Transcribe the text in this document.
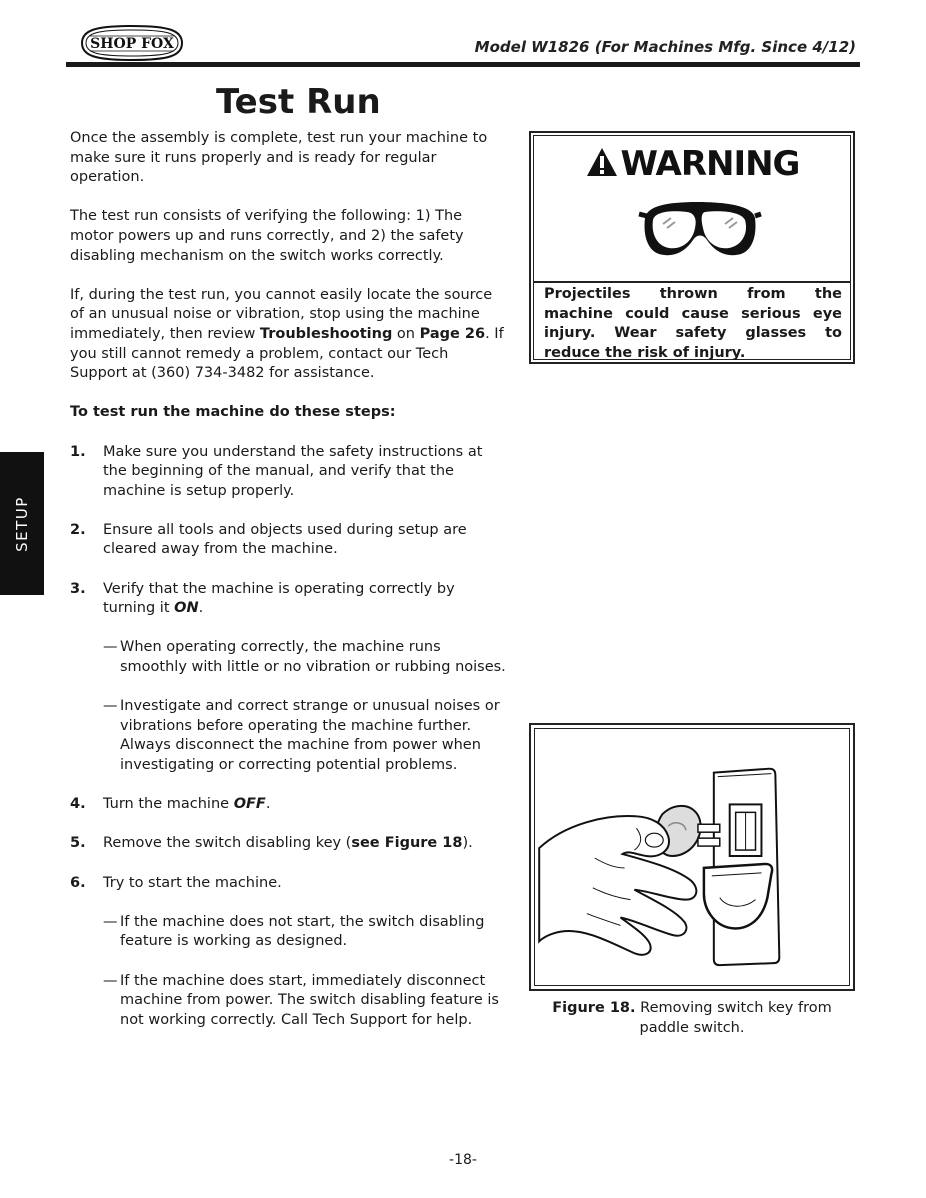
SHOP FOX	Model W1826 (For Machines Mfg. Since 4/12)
Test Run

Once the assembly is complete, test run your machine to make sure it runs properly and is ready for regular operation.

The test run consists of verifying the following: 1) The motor powers up and runs correctly, and 2) the safety disabling mechanism on the switch works correctly.

If, during the test run, you cannot easily locate the source of an unusual noise or vibration, stop using the machine immediately, then review Troubleshooting on Page 26. If you still cannot remedy a problem, contact our Tech Support at (360) 734-3482 for assistance.

To test run the machine do these steps:

1. Make sure you understand the safety instructions at the beginning of the manual, and verify that the machine is setup properly.
2. Ensure all tools and objects used during setup are cleared away from the machine.
3. Verify that the machine is operating correctly by turning it ON.
— When operating correctly, the machine runs smoothly with little or no vibration or rubbing noises.
— Investigate and correct strange or unusual noises or vibrations before operating the machine further. Always disconnect the machine from power when investigating or correcting potential problems.
4. Turn the machine OFF.
5. Remove the switch disabling key (see Figure 18).
6. Try to start the machine.
— If the machine does not start, the switch disabling feature is working as designed.
— If the machine does start, immediately disconnect machine from power. The switch disabling feature is not working correctly. Call Tech Support for help.
SETUP
WARNING
Projectiles thrown from the machine could cause serious eye injury. Wear safety glasses to reduce the risk of injury.
Figure 18. Removing switch key from paddle switch.
-18-
